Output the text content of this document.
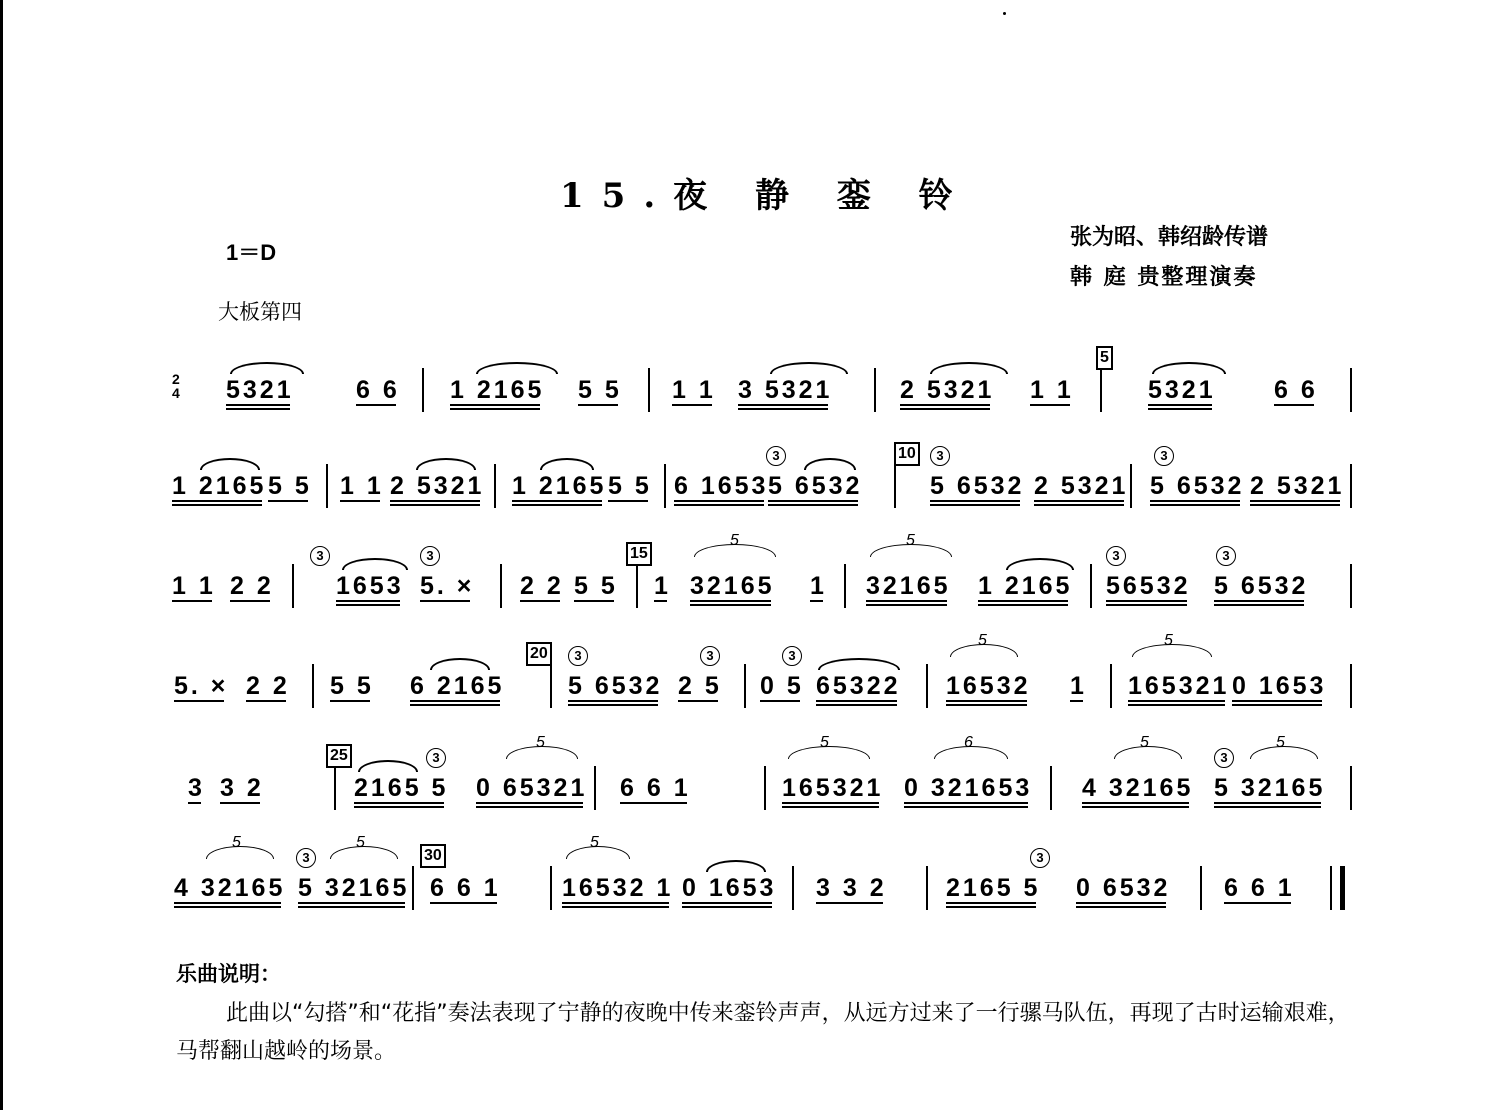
15.夜 静 銮 铃
1＝D
张为昭、韩绍龄传谱
韩 庭 贵整理演奏
大板第四
2
4 5321 6 6 1 2165 5 5 1 1 3 5321	2 5321 1 1
5
5321 6 6
1 2165 5 5 1 1 2 5321 1 2165 5 5 6 1653
3
5 6532
10	3
5 6532 2 5321
3
5 6532 2 5321
1 1 2 2
3
1653
3
5. × 2 2 5 5
15
1
5
32165 1
5
32165 1 2165
3
56532
3
5 6532
5. × 2 2 5 5 6 2165
20	3
5 6532
3
2 5
3
0 5 65322
5
16532 1
5
165321 0 1653
3 3 2
25	3
2165 5
5
0 65321 6 6 1
5
165321
6
0 321653
5
4 32165
3
5
5 32165
5
4 32165
3
5
5 32165
30
6 6 1
5
16532 1 0 1653 3 3 2
3
2165 5 0 6532 6 6 1
乐曲说明：
此曲以“勾搭”和“花指”奏法表现了宁静的夜晚中传来銮铃声声，从远方过来了一行骡马队伍，再现了古时运输艰难，马帮翻山越岭的场景。
